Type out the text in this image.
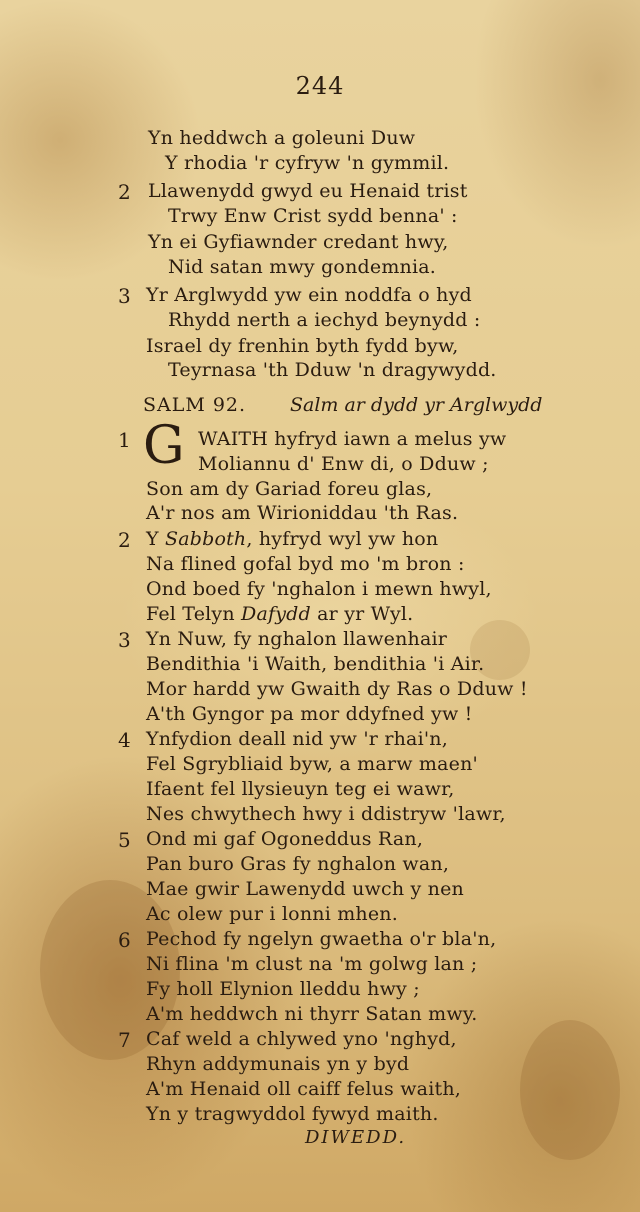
244
Yn heddwch a goleuni Duw
Y rhodia 'r cyfryw 'n gymmil.
2 Llawenydd gwyd eu Henaid trist
Trwy Enw Crist sydd benna' :
Yn ei Gyfiawnder credant hwy,
Nid satan mwy gondemnia.
3 Yr Arglwydd yw ein noddfa o hyd
Rhydd nerth a iechyd beynydd :
Israel dy frenhin byth fydd byw,
Teyrnasa 'th Dduw 'n dragywydd.
SALM 92. Salm ar dydd yr Arglwydd
1 G WAITH hyfryd iawn a melus yw
Moliannu d' Enw di, o Dduw ;
Son am dy Gariad foreu glas,
A'r nos am Wirioniddau 'th Ras.
2 Y Sabboth, hyfryd wyl yw hon
Na flined gofal byd mo 'm bron :
Ond boed fy 'nghalon i mewn hwyl,
Fel Telyn Dafydd ar yr Wyl.
3 Yn Nuw, fy nghalon llawenhair
Bendithia 'i Waith, bendithia 'i Air.
Mor hardd yw Gwaith dy Ras o Dduw !
A'th Gyngor pa mor ddyfned yw !
4 Ynfydion deall nid yw 'r rhai'n,
Fel Sgrybliaid byw, a marw maen'
Ifaent fel llysieuyn teg ei wawr,
Nes chwythech hwy i ddistryw 'lawr,
5 Ond mi gaf Ogoneddus Ran,
Pan buro Gras fy nghalon wan,
Mae gwir Lawenydd uwch y nen
Ac olew pur i lonni mhen.
6 Pechod fy ngelyn gwaetha o'r bla'n,
Ni flina 'm clust na 'm golwg lan ;
Fy holl Elynion lleddu hwy ;
A'm heddwch ni thyrr Satan mwy.
7 Caf weld a chlywed yno 'nghyd,
Rhyn addymunais yn y byd
A'm Henaid oll caiff felus waith,
Yn y tragwyddol fywyd maith.
DIWEDD.
